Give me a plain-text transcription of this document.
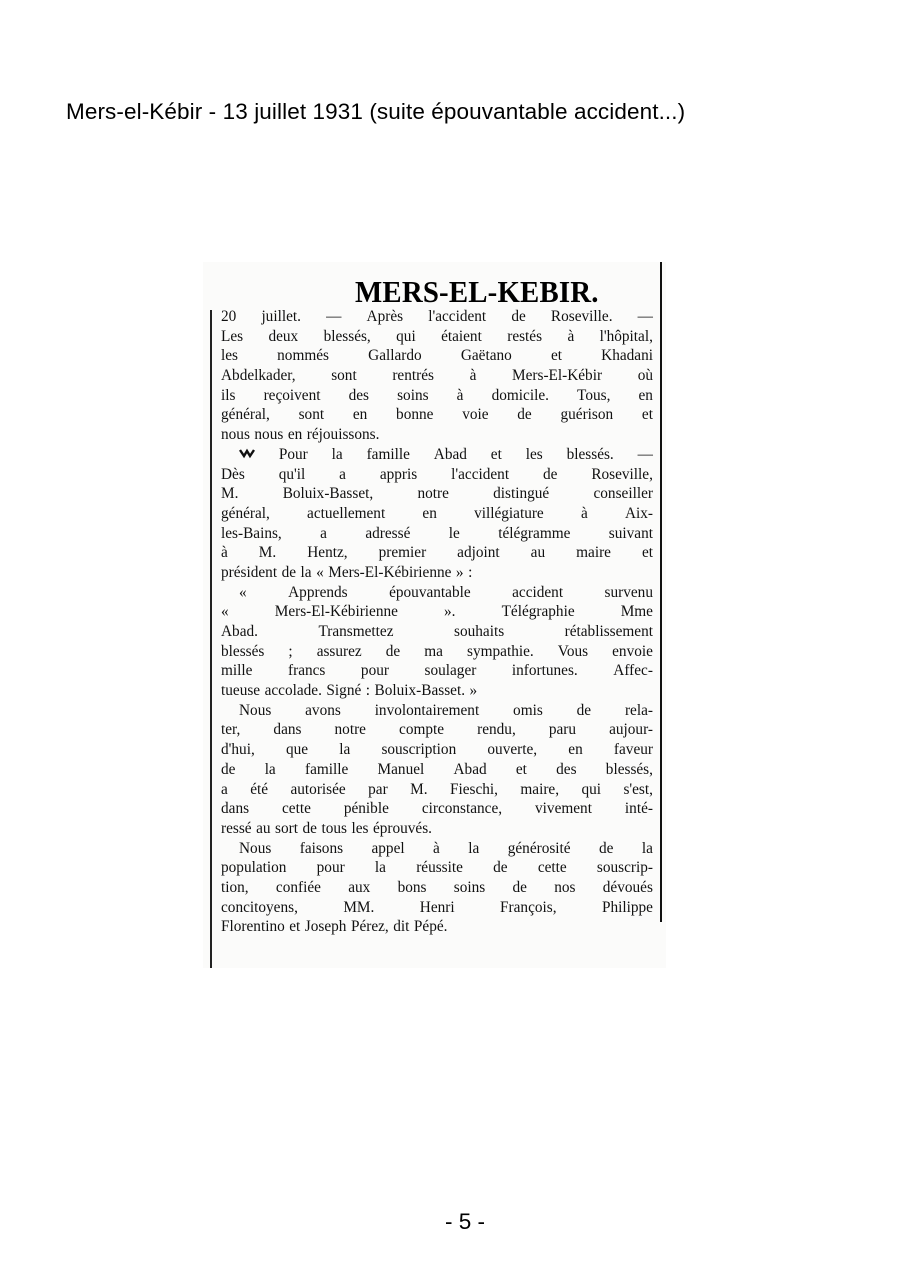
Mers-el-Kébir - 13 juillet 1931 (suite épouvantable accident...)
MERS-EL-KEBIR.
20 juillet. — Après l'accident de Roseville. —
Les deux blessés, qui étaient restés à l'hôpital,
les	nommés	Gallardo	Gaëtano	et	Khadani
Abdelkader, sont rentrés à Mers-El-Kébir où
ils reçoivent des soins à domicile. Tous, en
général, sont en bonne voie de guérison et
nous nous en réjouissons.
Pour la famille Abad et les blessés. —
Dès qu'il a appris l'accident de Roseville,
M.	Boluix-Basset,	notre	distingué	conseiller
général, actuellement en villégiature à Aix-
les-Bains,	a	adressé	le	télégramme	suivant
à M. Hentz, premier adjoint au maire et
président de la « Mers-El-Kébirienne » :
«	Apprends	épouvantable	accident	survenu
«	Mers-El-Kébirienne	».	Télégraphie	Mme
Abad.	Transmettez	souhaits	rétablissement
blessés ; assurez de ma sympathie. Vous envoie
mille francs pour soulager infortunes. Affec-
tueuse accolade. Signé : Boluix-Basset. »
Nous avons involontairement omis de rela-
ter, dans notre compte rendu, paru aujour-
d'hui, que la souscription ouverte, en faveur
de la famille Manuel Abad et des blessés,
a été autorisée par M. Fieschi, maire, qui s'est,
dans cette pénible circonstance, vivement inté-
ressé au sort de tous les éprouvés.
Nous faisons appel à la générosité de la
population pour la réussite de cette souscrip-
tion, confiée aux bons soins de nos dévoués
concitoyens,	MM.	Henri	François,	Philippe
Florentino et Joseph Pérez, dit Pépé.
- 5 -
